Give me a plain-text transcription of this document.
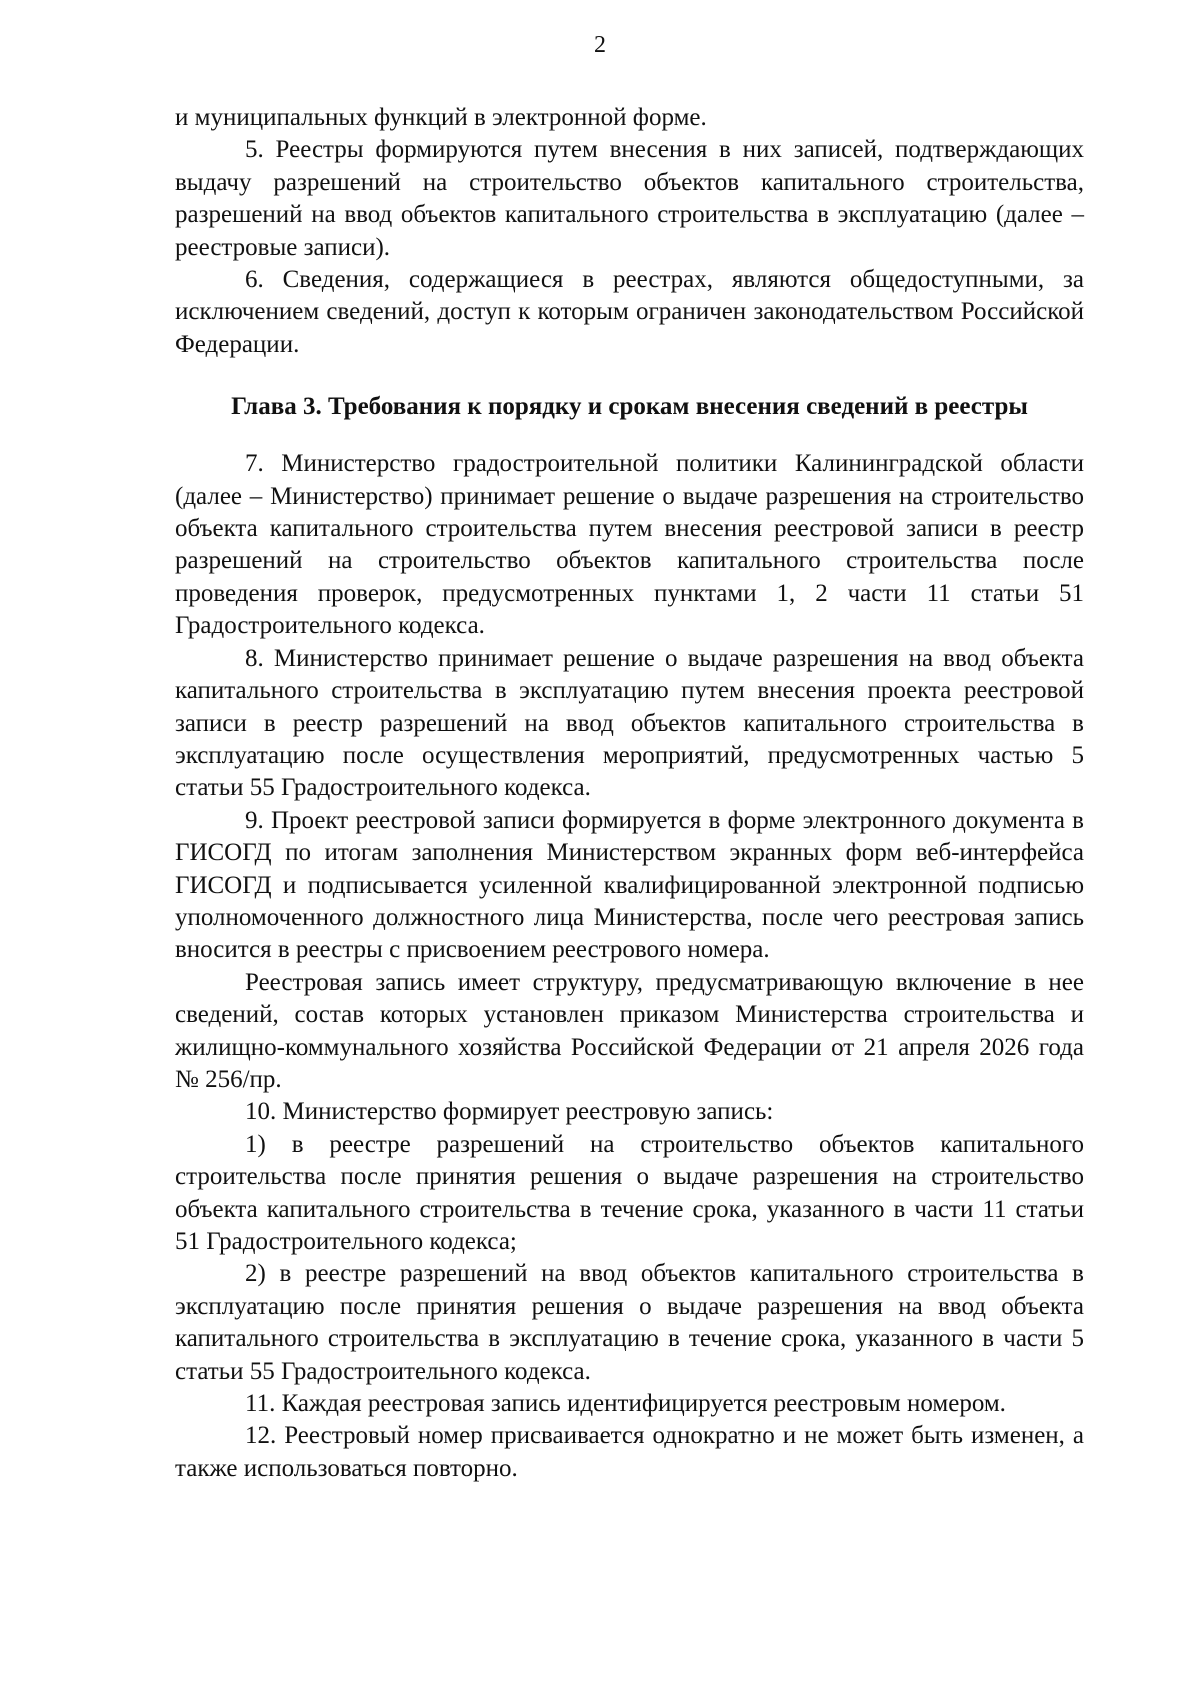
2

и муниципальных функций в электронной форме.

5. Реестры формируются путем внесения в них записей, подтверждающих выдачу разрешений на строительство объектов капитального строительства, разрешений на ввод объектов капитального строительства в эксплуатацию (далее – реестровые записи).

6. Сведения, содержащиеся в реестрах, являются общедоступными, за исключением сведений, доступ к которым ограничен законодательством Российской Федерации.

Глава 3. Требования к порядку и срокам внесения сведений в реестры

7. Министерство градостроительной политики Калининградской области (далее – Министерство) принимает решение о выдаче разрешения на строительство объекта капитального строительства путем внесения реестровой записи в реестр разрешений на строительство объектов капитального строительства после проведения проверок, предусмотренных пунктами 1, 2 части 11 статьи 51 Градостроительного кодекса.

8. Министерство принимает решение о выдаче разрешения на ввод объекта капитального строительства в эксплуатацию путем внесения проекта реестровой записи в реестр разрешений на ввод объектов капитального строительства в эксплуатацию после осуществления мероприятий, предусмотренных частью 5 статьи 55 Градостроительного кодекса.

9. Проект реестровой записи формируется в форме электронного документа в ГИСОГД по итогам заполнения Министерством экранных форм веб-интерфейса ГИСОГД и подписывается усиленной квалифицированной электронной подписью уполномоченного должностного лица Министерства, после чего реестровая запись вносится в реестры с присвоением реестрового номера.

Реестровая запись имеет структуру, предусматривающую включение в нее сведений, состав которых установлен приказом Министерства строительства и жилищно-коммунального хозяйства Российской Федерации от 21 апреля 2026 года № 256/пр.

10. Министерство формирует реестровую запись:

1) в реестре разрешений на строительство объектов капитального строительства после принятия решения о выдаче разрешения на строительство объекта капитального строительства в течение срока, указанного в части 11 статьи 51 Градостроительного кодекса;

2) в реестре разрешений на ввод объектов капитального строительства в эксплуатацию после принятия решения о выдаче разрешения на ввод объекта капитального строительства в эксплуатацию в течение срока, указанного в части 5 статьи 55 Градостроительного кодекса.

11. Каждая реестровая запись идентифицируется реестровым номером.

12. Реестровый номер присваивается однократно и не может быть изменен, а также использоваться повторно.
